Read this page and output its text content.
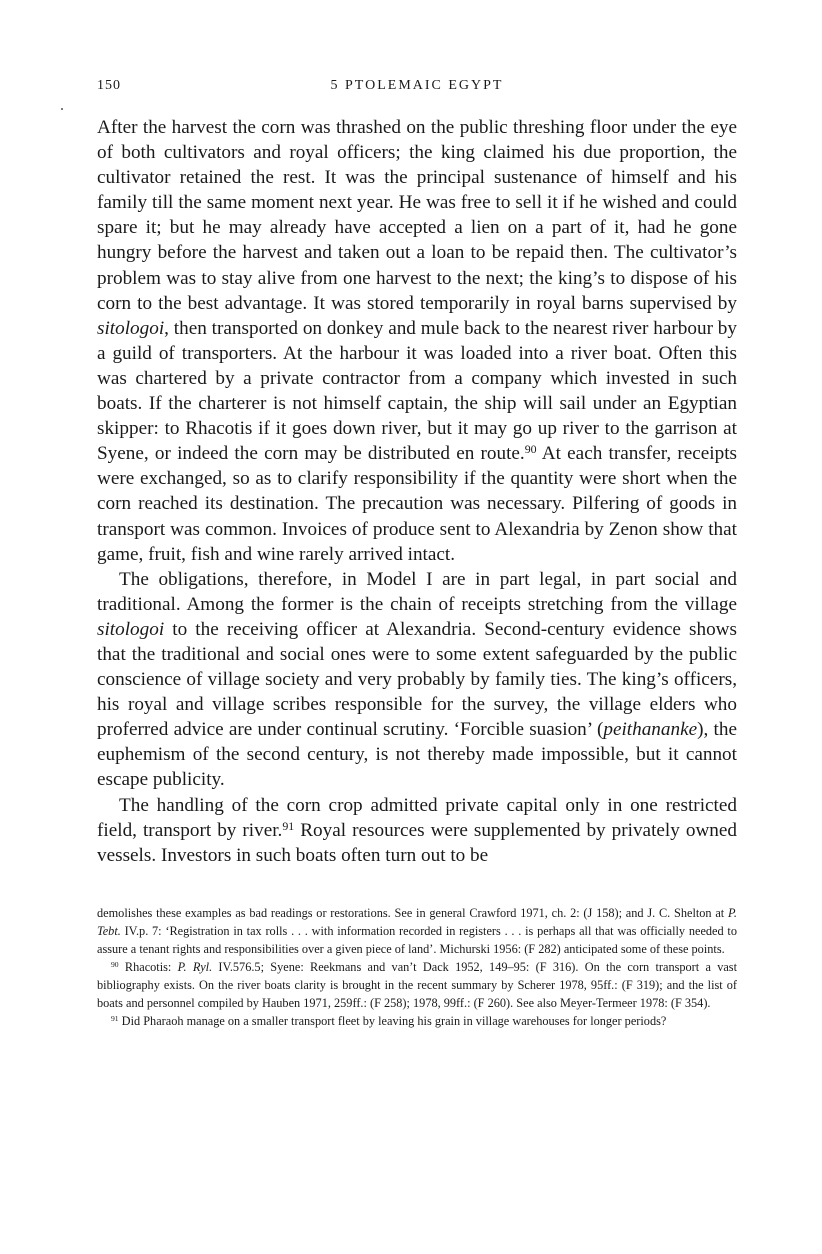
150	5 PTOLEMAIC EGYPT

After the harvest the corn was thrashed on the public threshing floor under the eye of both cultivators and royal officers; the king claimed his due proportion, the cultivator retained the rest. It was the principal sustenance of himself and his family till the same moment next year. He was free to sell it if he wished and could spare it; but he may already have accepted a lien on a part of it, had he gone hungry before the harvest and taken out a loan to be repaid then. The cultivator’s problem was to stay alive from one harvest to the next; the king’s to dispose of his corn to the best advantage. It was stored temporarily in royal barns supervised by sitologoi, then transported on donkey and mule back to the nearest river harbour by a guild of transporters. At the harbour it was loaded into a river boat. Often this was chartered by a private contractor from a company which invested in such boats. If the charterer is not himself captain, the ship will sail under an Egyptian skipper: to Rhacotis if it goes down river, but it may go up river to the garrison at Syene, or indeed the corn may be distributed en route.$^{90}$ At each transfer, receipts were exchanged, so as to clarify responsibility if the quantity were short when the corn reached its destination. The precaution was necessary. Pilfering of goods in transport was common. Invoices of produce sent to Alexandria by Zenon show that game, fruit, fish and wine rarely arrived intact.

The obligations, therefore, in Model I are in part legal, in part social and traditional. Among the former is the chain of receipts stretching from the village sitologoi to the receiving officer at Alexandria. Second-century evidence shows that the traditional and social ones were to some extent safeguarded by the public conscience of village society and very probably by family ties. The king’s officers, his royal and village scribes responsible for the survey, the village elders who proferred advice are under continual scrutiny. ‘Forcible suasion’ (peithananke), the euphemism of the second century, is not thereby made impossible, but it cannot escape publicity.

The handling of the corn crop admitted private capital only in one restricted field, transport by river.$^{91}$ Royal resources were supplemented by privately owned vessels. Investors in such boats often turn out to be

demolishes these examples as bad readings or restorations. See in general Crawford 1971, ch. 2: (J 158); and J. C. Shelton at P. Tebt. IV.p. 7: ‘Registration in tax rolls . . . with information recorded in registers . . . is perhaps all that was officially needed to assure a tenant rights and responsibilities over a given piece of land’. Michurski 1956: (F 282) anticipated some of these points.

$^{90}$ Rhacotis: P. Ryl. IV.576.5; Syene: Reekmans and van’t Dack 1952, 149–95: (F 316). On the corn transport a vast bibliography exists. On the river boats clarity is brought in the recent summary by Scherer 1978, 95ff.: (F 319); and the list of boats and personnel compiled by Hauben 1971, 259ff.: (F 258); 1978, 99ff.: (F 260). See also Meyer-Termeer 1978: (F 354).

$^{91}$ Did Pharaoh manage on a smaller transport fleet by leaving his grain in village warehouses for longer periods?
